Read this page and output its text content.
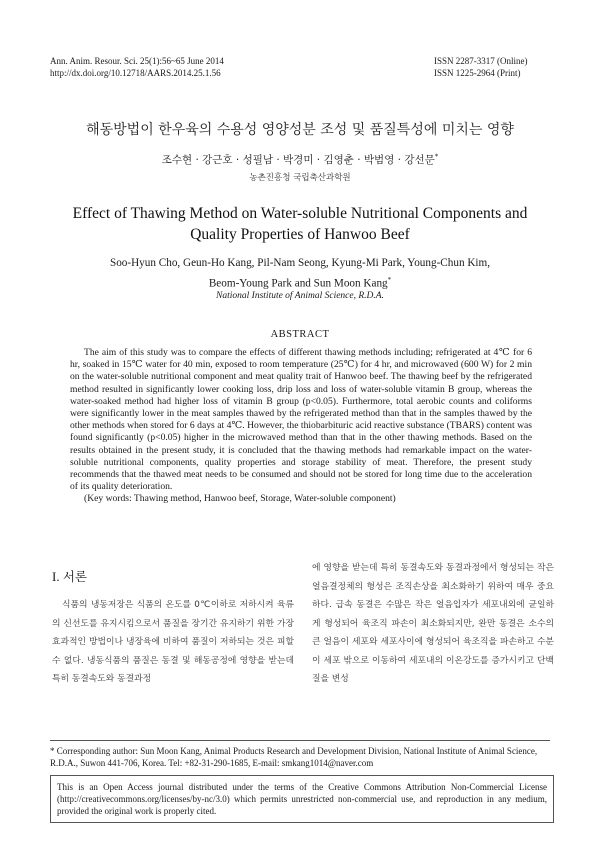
Ann. Anim. Resour. Sci. 25(1):56~65 June 2014
http://dx.doi.org/10.12718/AARS.2014.25.1.56
ISSN 2287-3317 (Online)
ISSN 1225-2964 (Print)
해동방법이 한우육의 수용성 영양성분 조성 및 품질특성에 미치는 영향
조수현 · 강근호 · 성필남 · 박경미 · 김영춘 · 박범영 · 강선문*
농촌진흥청 국립축산과학원
Effect of Thawing Method on Water-soluble Nutritional Components and
Quality Properties of Hanwoo Beef
Soo-Hyun Cho, Geun-Ho Kang, Pil-Nam Seong, Kyung-Mi Park, Young-Chun Kim,
Beom-Young Park and Sun Moon Kang*
National Institute of Animal Science, R.D.A.
ABSTRACT

The aim of this study was to compare the effects of different thawing methods including; refrigerated at 4℃ for 6 hr, soaked in 15℃ water for 40 min, exposed to room temperature (25℃) for 4 hr, and microwaved (600 W) for 2 min on the water-soluble nutritional component and meat quality trait of Hanwoo beef. The thawing beef by the refrigerated method resulted in significantly lower cooking loss, drip loss and loss of water-soluble vitamin B group, whereas the water-soaked method had higher loss of vitamin B group (p<0.05). Furthermore, total aerobic counts and coliforms were significantly lower in the meat samples thawed by the refrigerated method than that in the samples thawed by the other methods when stored for 6 days at 4℃. However, the thiobarbituric acid reactive substance (TBARS) content was found significantly (p<0.05) higher in the microwaved method than that in the other thawing methods. Based on the results obtained in the present study, it is concluded that the thawing methods had remarkable impact on the water-soluble nutritional components, quality properties and storage stability of meat. Therefore, the present study recommends that the thawed meat needs to be consumed and should not be stored for long time due to the acceleration of its quality deterioration.

(Key words: Thawing method, Hanwoo beef, Storage, Water-soluble component)

I. 서론
식품의 냉동저장은 식품의 온도를 0℃이하로 저하시켜 육류의 신선도를 유지시킴으로서 품질을 장기간 유지하기 위한 가장 효과적인 방법이나 냉장육에 비하여 품질이 저하되는 것은 피할 수 없다. 냉동식품의 품질은 동결 및 해동공정에 영향을 받는데 특히 동결속도와 동결과정
에 영향을 받는데 특히 동결속도와 동결과정에서 형성되는 작은 얼음결정체의 형성은 조직손상을 최소화하기 위하여 매우 중요하다. 급속 동결은 수많은 작은 얼음입자가 세포내외에 균일하게 형성되어 육조직 파손이 최소화되지만, 완만 동결은 소수의 큰 얼음이 세포와 세포사이에 형성되어 육조직을 파손하고 수분이 세포 밖으로 이동하여 세포내의 이온강도를 증가시키고 단백질을 변성
* Corresponding author: Sun Moon Kang, Animal Products Research and Development Division, National Institute of Animal Science, R.D.A., Suwon 441-706, Korea. Tel: +82-31-290-1685, E-mail: smkang1014@naver.com
This is an Open Access journal distributed under the terms of the Creative Commons Attribution Non-Commercial License (http://creativecommons.org/licenses/by-nc/3.0) which permits unrestricted non-commercial use, and reproduction in any medium, provided the original work is properly cited.
